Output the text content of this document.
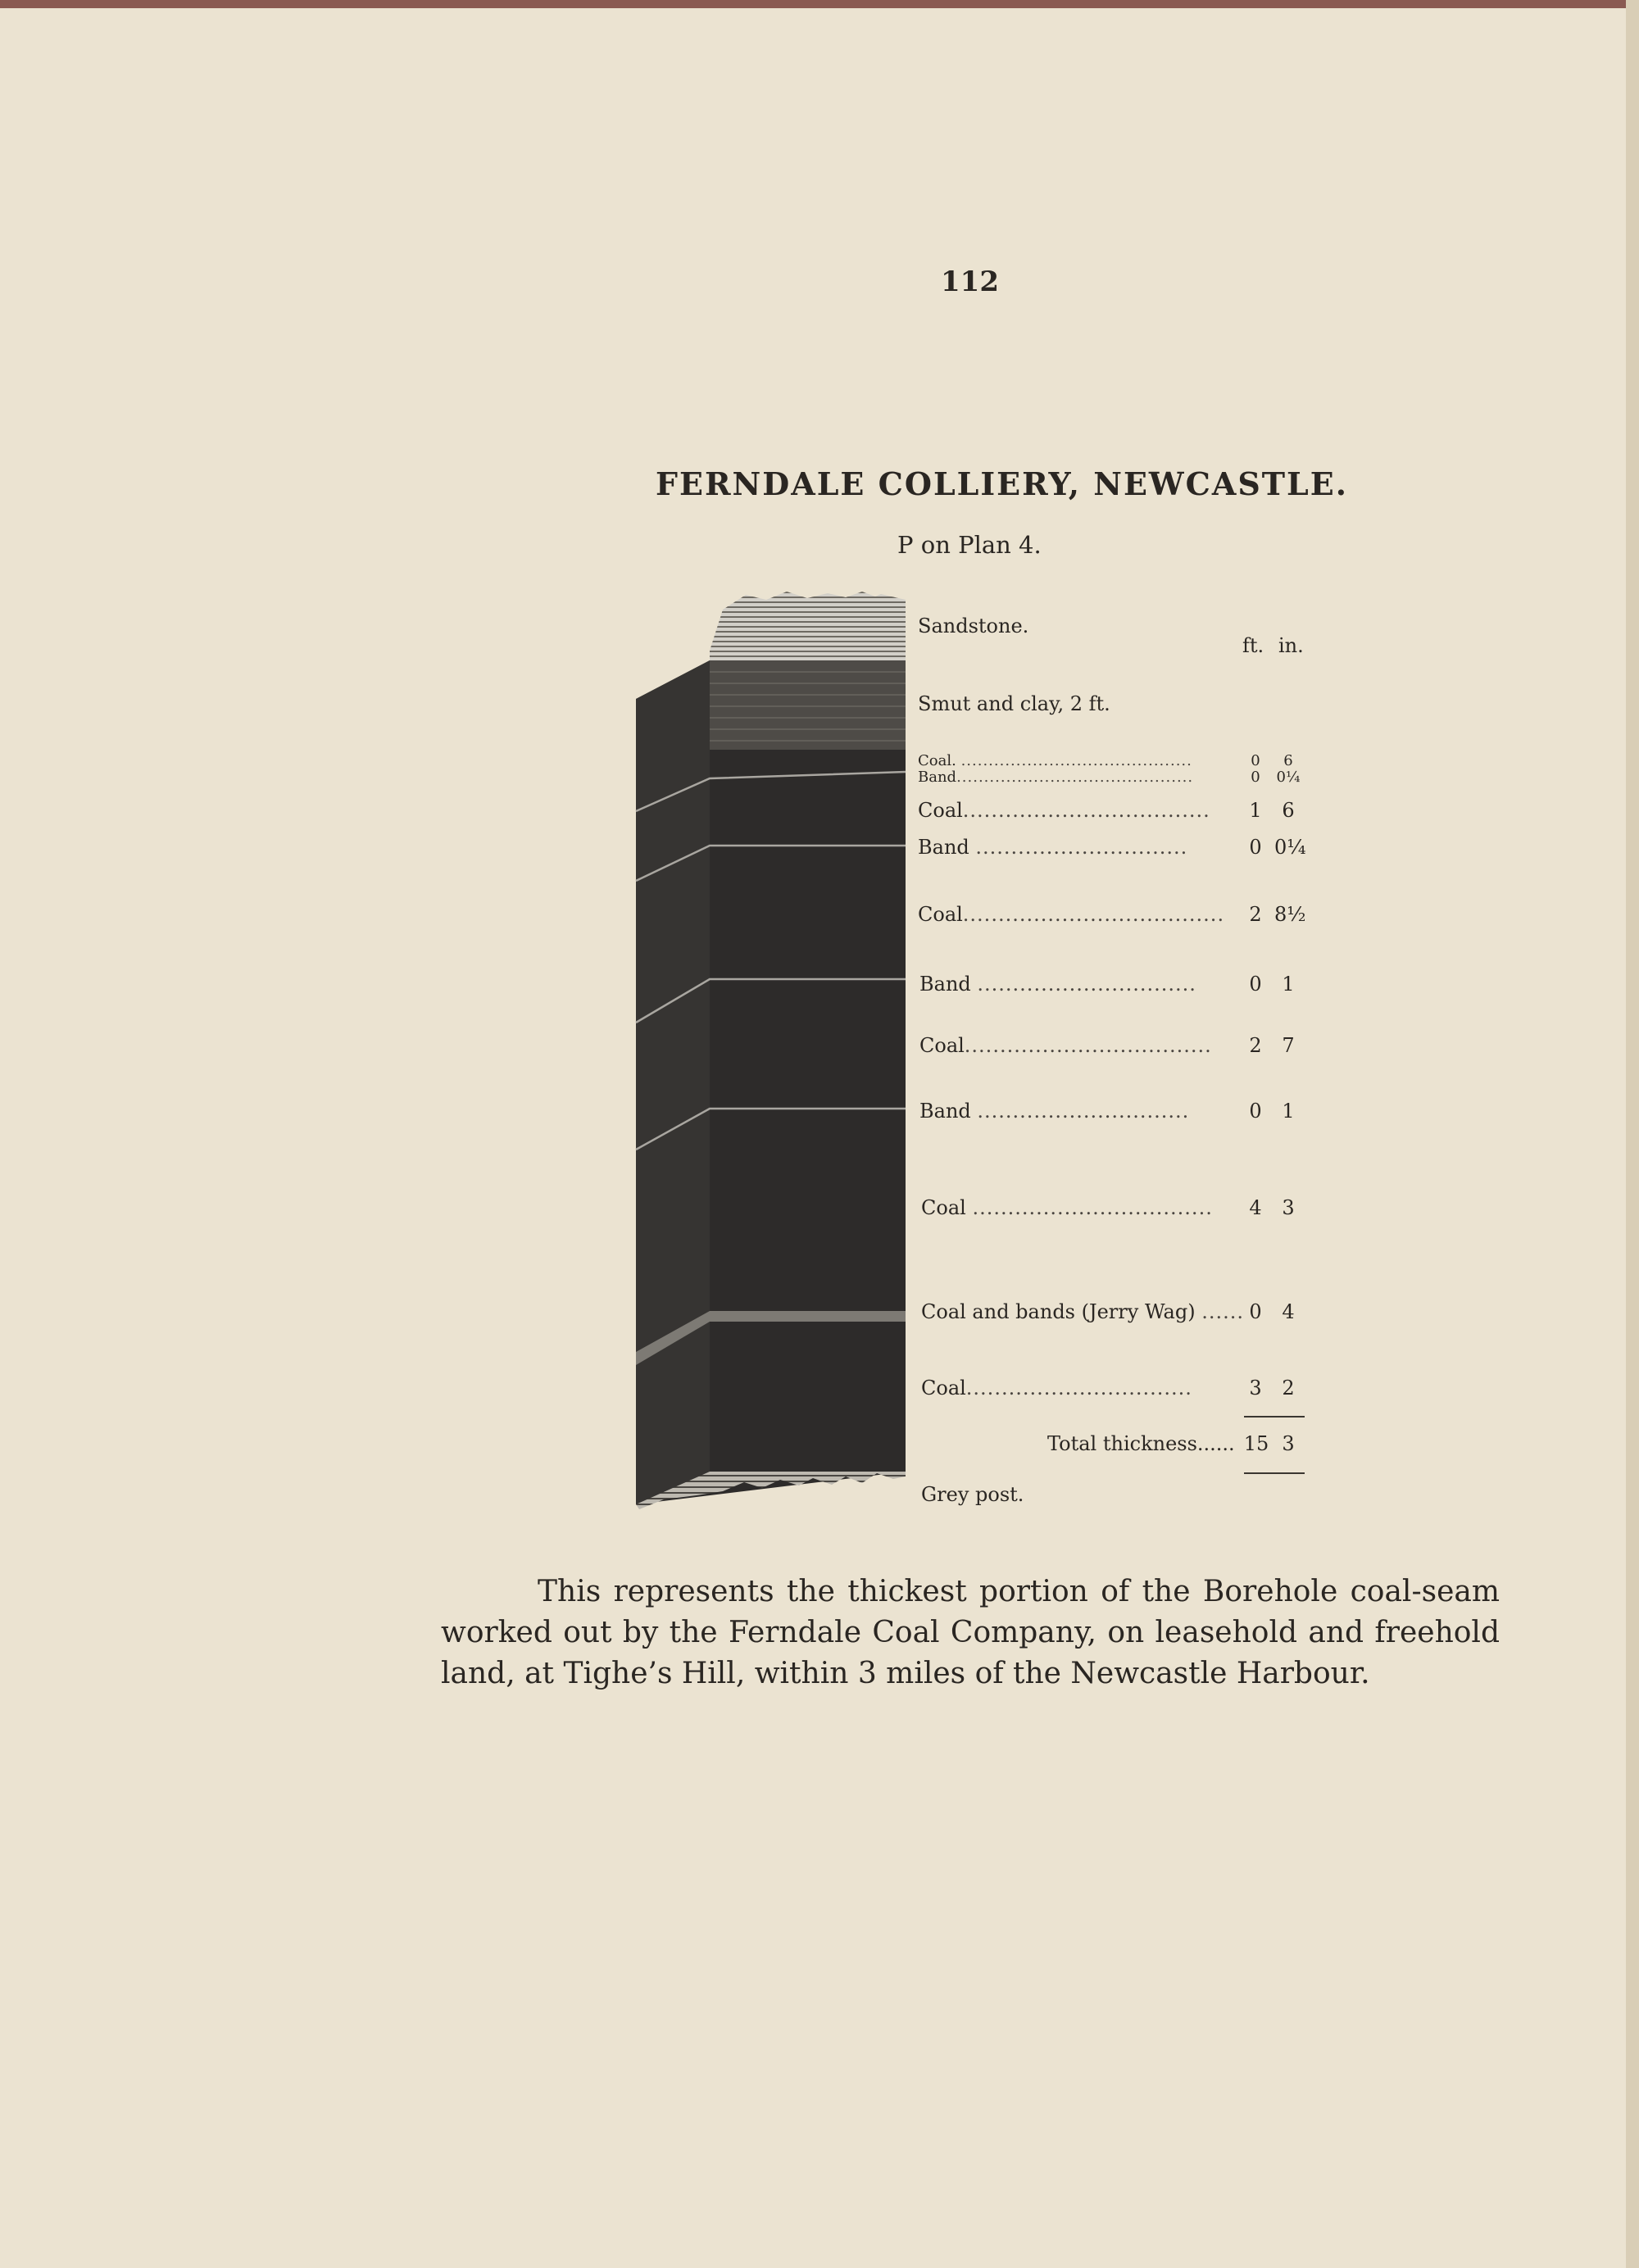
112
FERNDALE COLLIERY, NEWCASTLE.
P on Plan 4.
ft. in.
Sandstone.
Smut and clay, 2 ft.
Coal. ..........................................	0	6
Band...........................................	0	0¼
Coal...................................	1	6
Band ..............................	0 0¼
Coal.....................................	2 8½
Band ...............................	0	1
Coal...................................	2	7
Band ..............................	0	1
Coal ..................................	4	3
Coal and bands (Jerry Wag) ...... 0	4
Coal................................	3	2
Total thickness...... 15 3
Grey post.

This represents the thickest portion of the Borehole coal-seam worked out by the Ferndale Coal Company, on leasehold and freehold land, at Tighe’s Hill, within 3 miles of the Newcastle Harbour.
